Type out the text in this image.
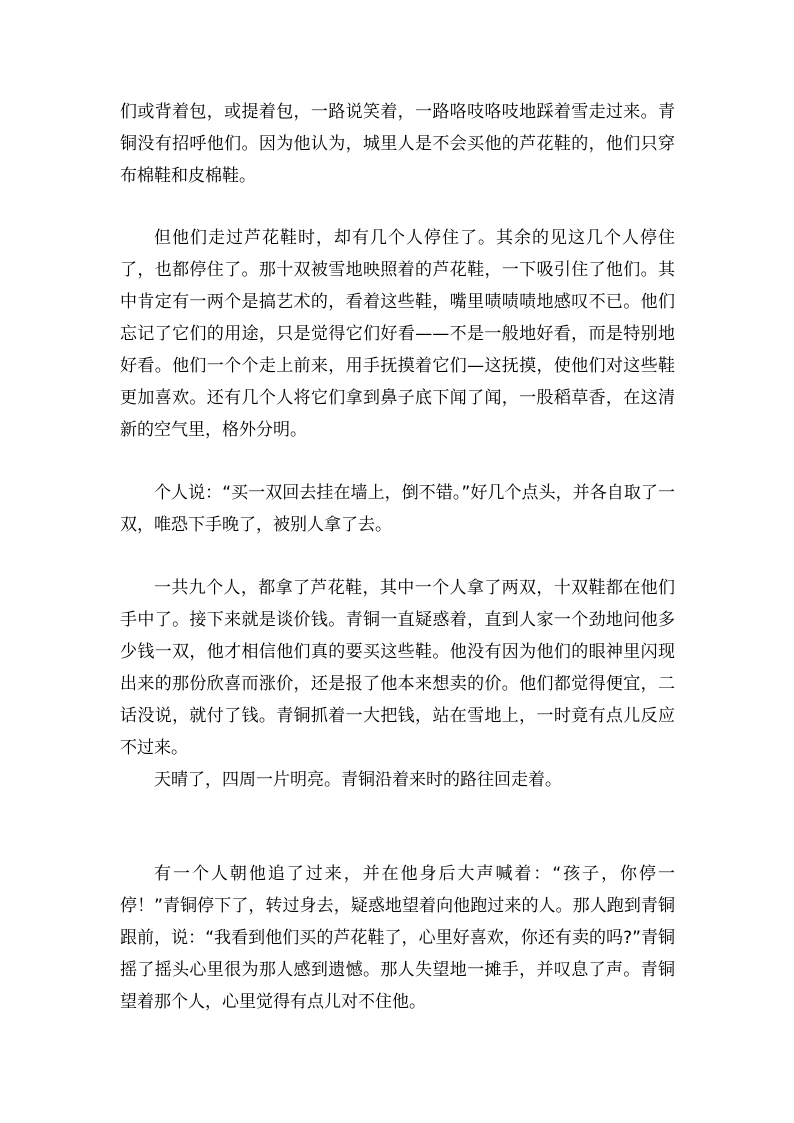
们或背着包，或提着包，一路说笑着，一路咯吱咯吱地踩着雪走过来。青铜没有招呼他们。因为他认为，城里人是不会买他的芦花鞋的，他们只穿布棉鞋和皮棉鞋。

但他们走过芦花鞋时，却有几个人停住了。其余的见这几个人停住了，也都停住了。那十双被雪地映照着的芦花鞋，一下吸引住了他们。其中肯定有一两个是搞艺术的，看着这些鞋，嘴里啧啧啧地感叹不已。他们忘记了它们的用途，只是觉得它们好看——不是一般地好看，而是特别地好看。他们一个个走上前来，用手抚摸着它们—这抚摸，使他们对这些鞋更加喜欢。还有几个人将它们拿到鼻子底下闻了闻，一股稻草香，在这清新的空气里，格外分明。

个人说：“买一双回去挂在墙上，倒不错。”好几个点头，并各自取了一双，唯恐下手晚了，被别人拿了去。

一共九个人，都拿了芦花鞋，其中一个人拿了两双，十双鞋都在他们手中了。接下来就是谈价钱。青铜一直疑惑着，直到人家一个劲地问他多少钱一双，他才相信他们真的要买这些鞋。他没有因为他们的眼神里闪现出来的那份欣喜而涨价，还是报了他本来想卖的价。他们都觉得便宜，二话没说，就付了钱。青铜抓着一大把钱，站在雪地上，一时竟有点儿反应不过来。

天晴了，四周一片明亮。青铜沿着来时的路往回走着。

有一个人朝他追了过来，并在他身后大声喊着：“孩子，你停一停！”青铜停下了，转过身去，疑惑地望着向他跑过来的人。那人跑到青铜跟前，说：“我看到他们买的芦花鞋了，心里好喜欢，你还有卖的吗?”青铜摇了摇头心里很为那人感到遗憾。那人失望地一摊手，并叹息了声。青铜望着那个人，心里觉得有点儿对不住他。
